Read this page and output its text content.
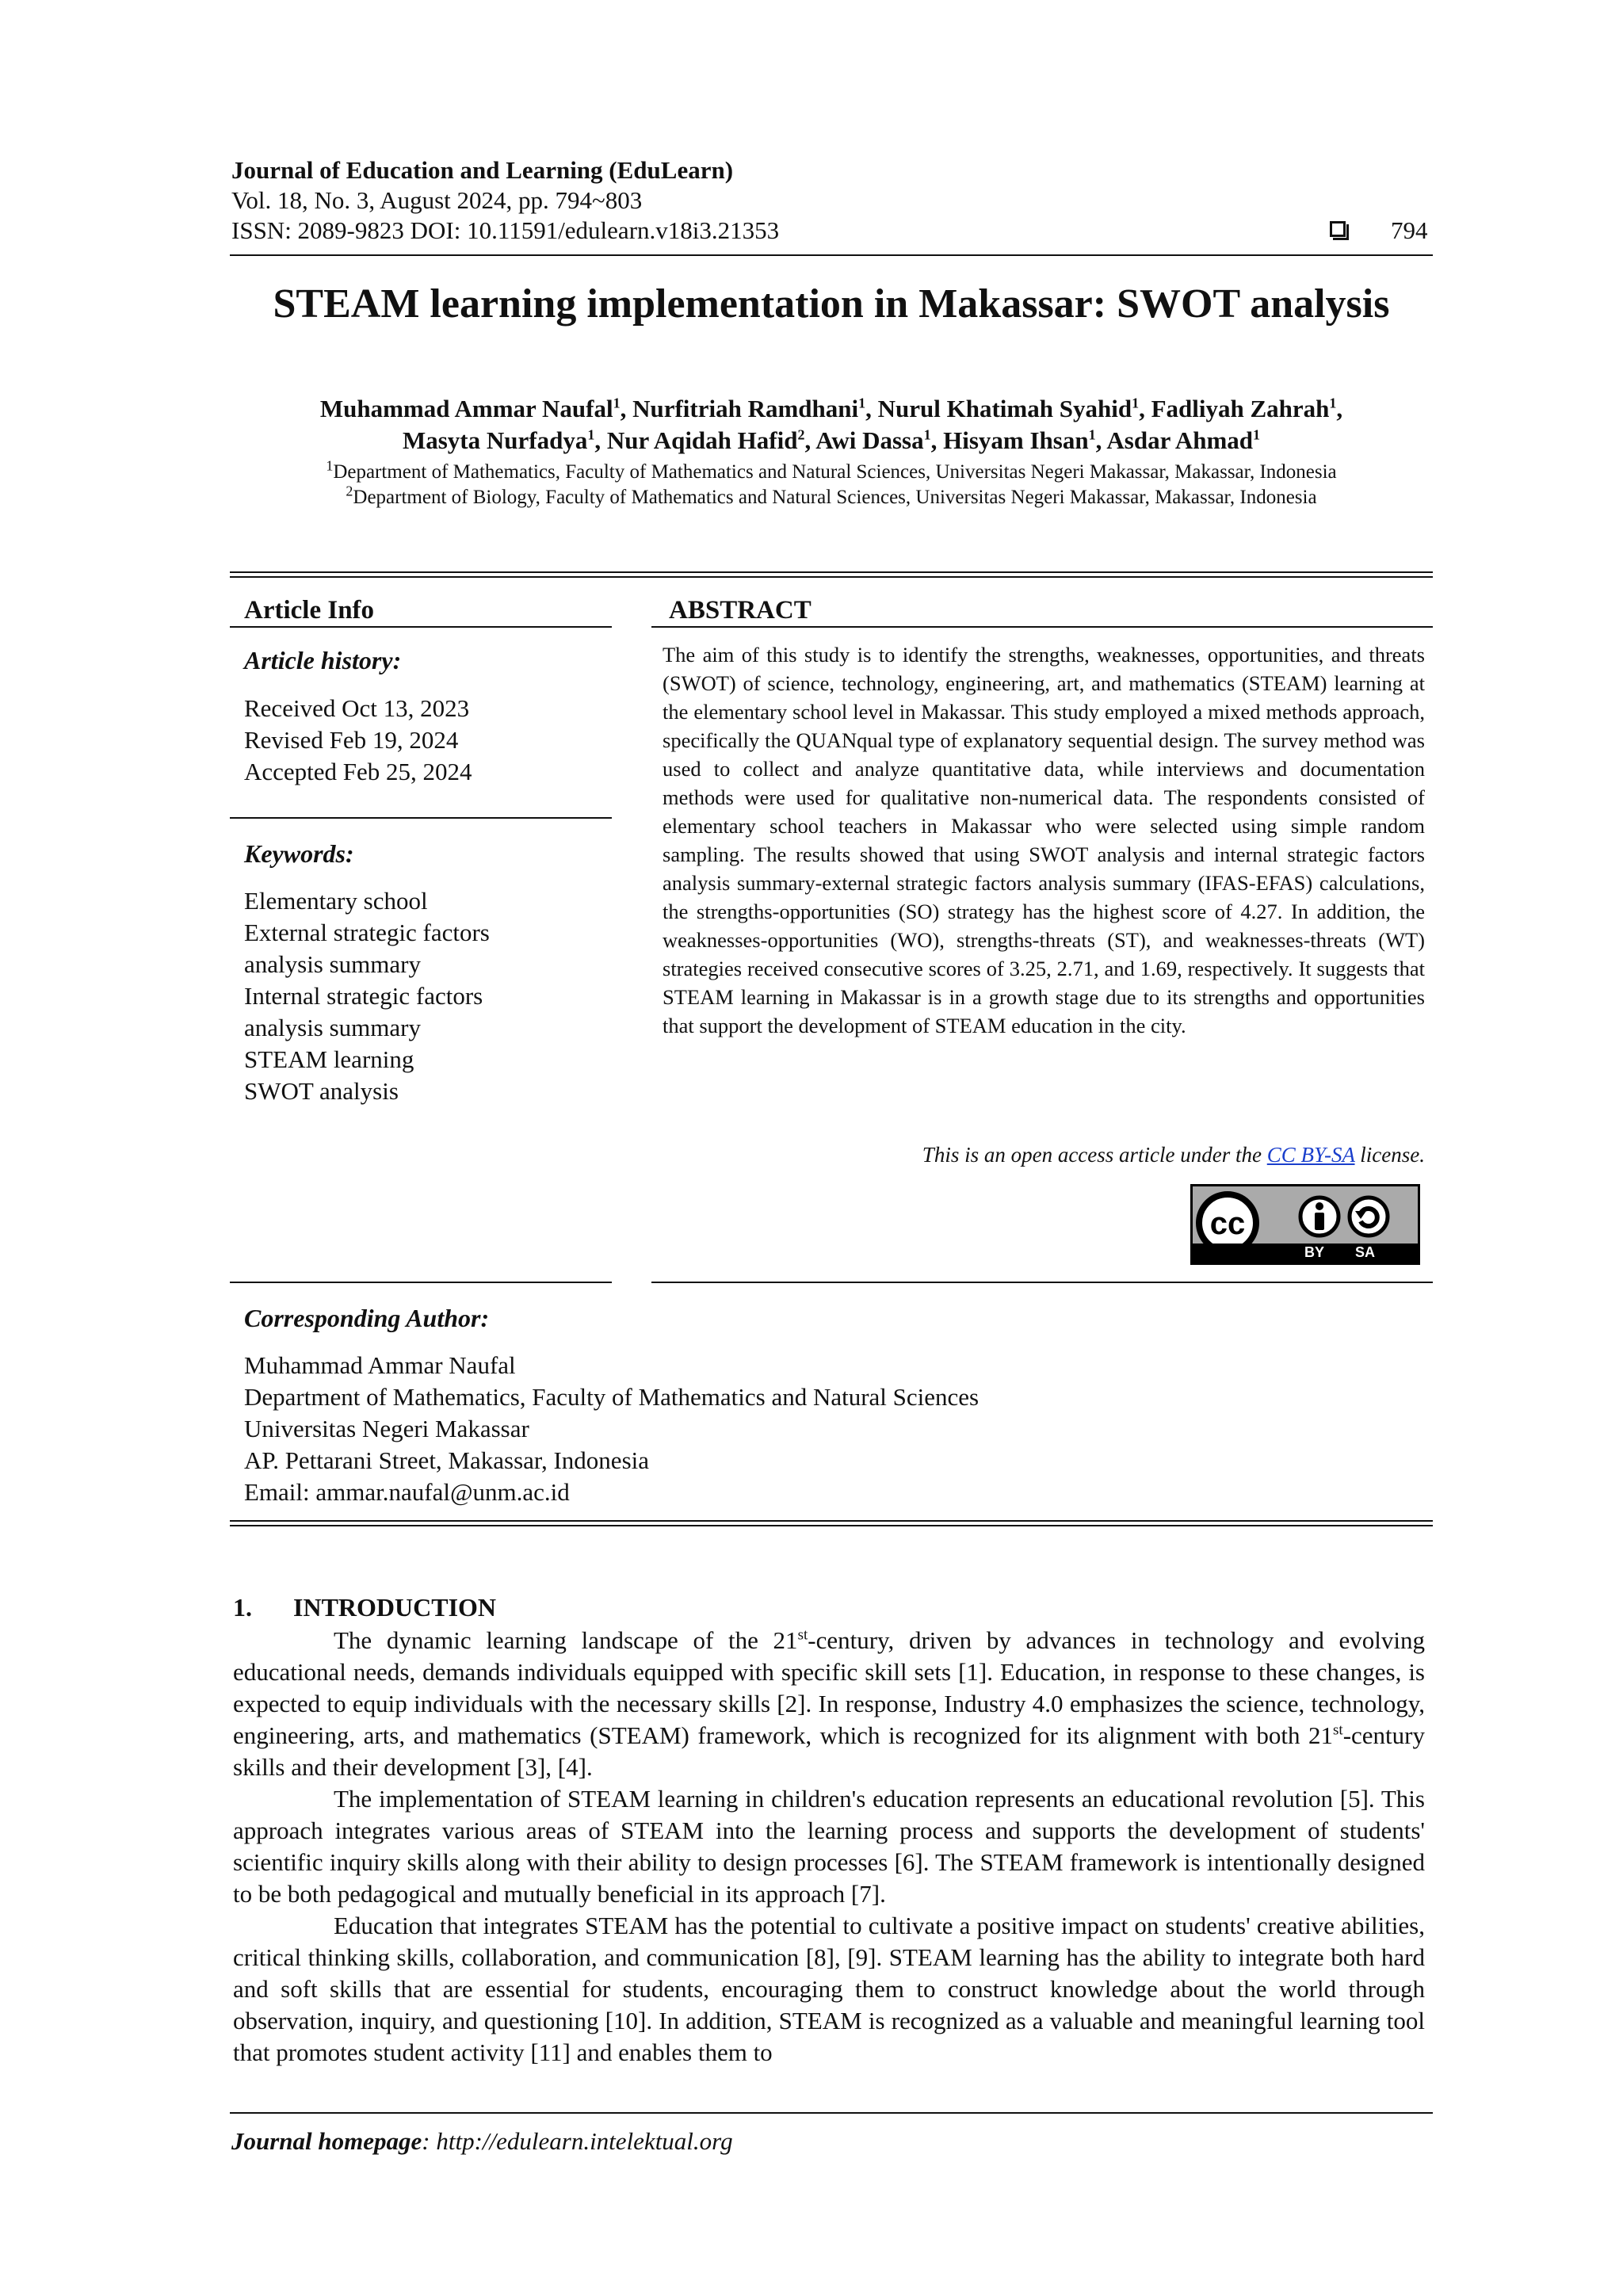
Journal of Education and Learning (EduLearn)
Vol. 18, No. 3, August 2024, pp. 794~803
ISSN: 2089-9823 DOI: 10.11591/edulearn.v18i3.21353	794
STEAM learning implementation in Makassar: SWOT analysis
Muhammad Ammar Naufal$^1$, Nurfitriah Ramdhani$^1$, Nurul Khatimah Syahid$^1$, Fadliyah Zahrah$^1$,
Masyta Nurfadya$^1$, Nur Aqidah Hafid$^2$, Awi Dassa$^1$, Hisyam Ihsan$^1$, Asdar Ahmad$^1$
$^1$Department of Mathematics, Faculty of Mathematics and Natural Sciences, Universitas Negeri Makassar, Makassar, Indonesia
$^2$Department of Biology, Faculty of Mathematics and Natural Sciences, Universitas Negeri Makassar, Makassar, Indonesia
Article Info
Article history:
Received Oct 13, 2023
Revised Feb 19, 2024
Accepted Feb 25, 2024
Keywords:
Elementary school
External strategic factors
analysis summary
Internal strategic factors
analysis summary
STEAM learning
SWOT analysis
ABSTRACT
The aim of this study is to identify the strengths, weaknesses, opportunities, and threats (SWOT) of science, technology, engineering, art, and mathematics (STEAM) learning at the elementary school level in Makassar. This study employed a mixed methods approach, specifically the QUANqual type of explanatory sequential design. The survey method was used to collect and analyze quantitative data, while interviews and documentation methods were used for qualitative non-numerical data. The respondents consisted of elementary school teachers in Makassar who were selected using simple random sampling. The results showed that using SWOT analysis and internal strategic factors analysis summary-external strategic factors analysis summary (IFAS-EFAS) calculations, the strengths-opportunities (SO) strategy has the highest score of 4.27. In addition, the weaknesses-opportunities (WO), strengths-threats (ST), and weaknesses-threats (WT) strategies received consecutive scores of 3.25, 2.71, and 1.69, respectively. It suggests that STEAM learning in Makassar is in a growth stage due to its strengths and opportunities that support the development of STEAM education in the city.
This is an open access article under the CC BY-SA license.
cc
BY SA
Corresponding Author:
Muhammad Ammar Naufal
Department of Mathematics, Faculty of Mathematics and Natural Sciences
Universitas Negeri Makassar
AP. Pettarani Street, Makassar, Indonesia
Email: ammar.naufal@unm.ac.id
1. INTRODUCTION

The dynamic learning landscape of the 21st-century, driven by advances in technology and evolving educational needs, demands individuals equipped with specific skill sets [1]. Education, in response to these changes, is expected to equip individuals with the necessary skills [2]. In response, Industry 4.0 emphasizes the science, technology, engineering, arts, and mathematics (STEAM) framework, which is recognized for its alignment with both 21st-century skills and their development [3], [4].

The implementation of STEAM learning in children's education represents an educational revolution [5]. This approach integrates various areas of STEAM into the learning process and supports the development of students' scientific inquiry skills along with their ability to design processes [6]. The STEAM framework is intentionally designed to be both pedagogical and mutually beneficial in its approach [7].

Education that integrates STEAM has the potential to cultivate a positive impact on students' creative abilities, critical thinking skills, collaboration, and communication [8], [9]. STEAM learning has the ability to integrate both hard and soft skills that are essential for students, encouraging them to construct knowledge about the world through observation, inquiry, and questioning [10]. In addition, STEAM is recognized as a valuable and meaningful learning tool that promotes student activity [11] and enables them to

Journal homepage: http://edulearn.intelektual.org
